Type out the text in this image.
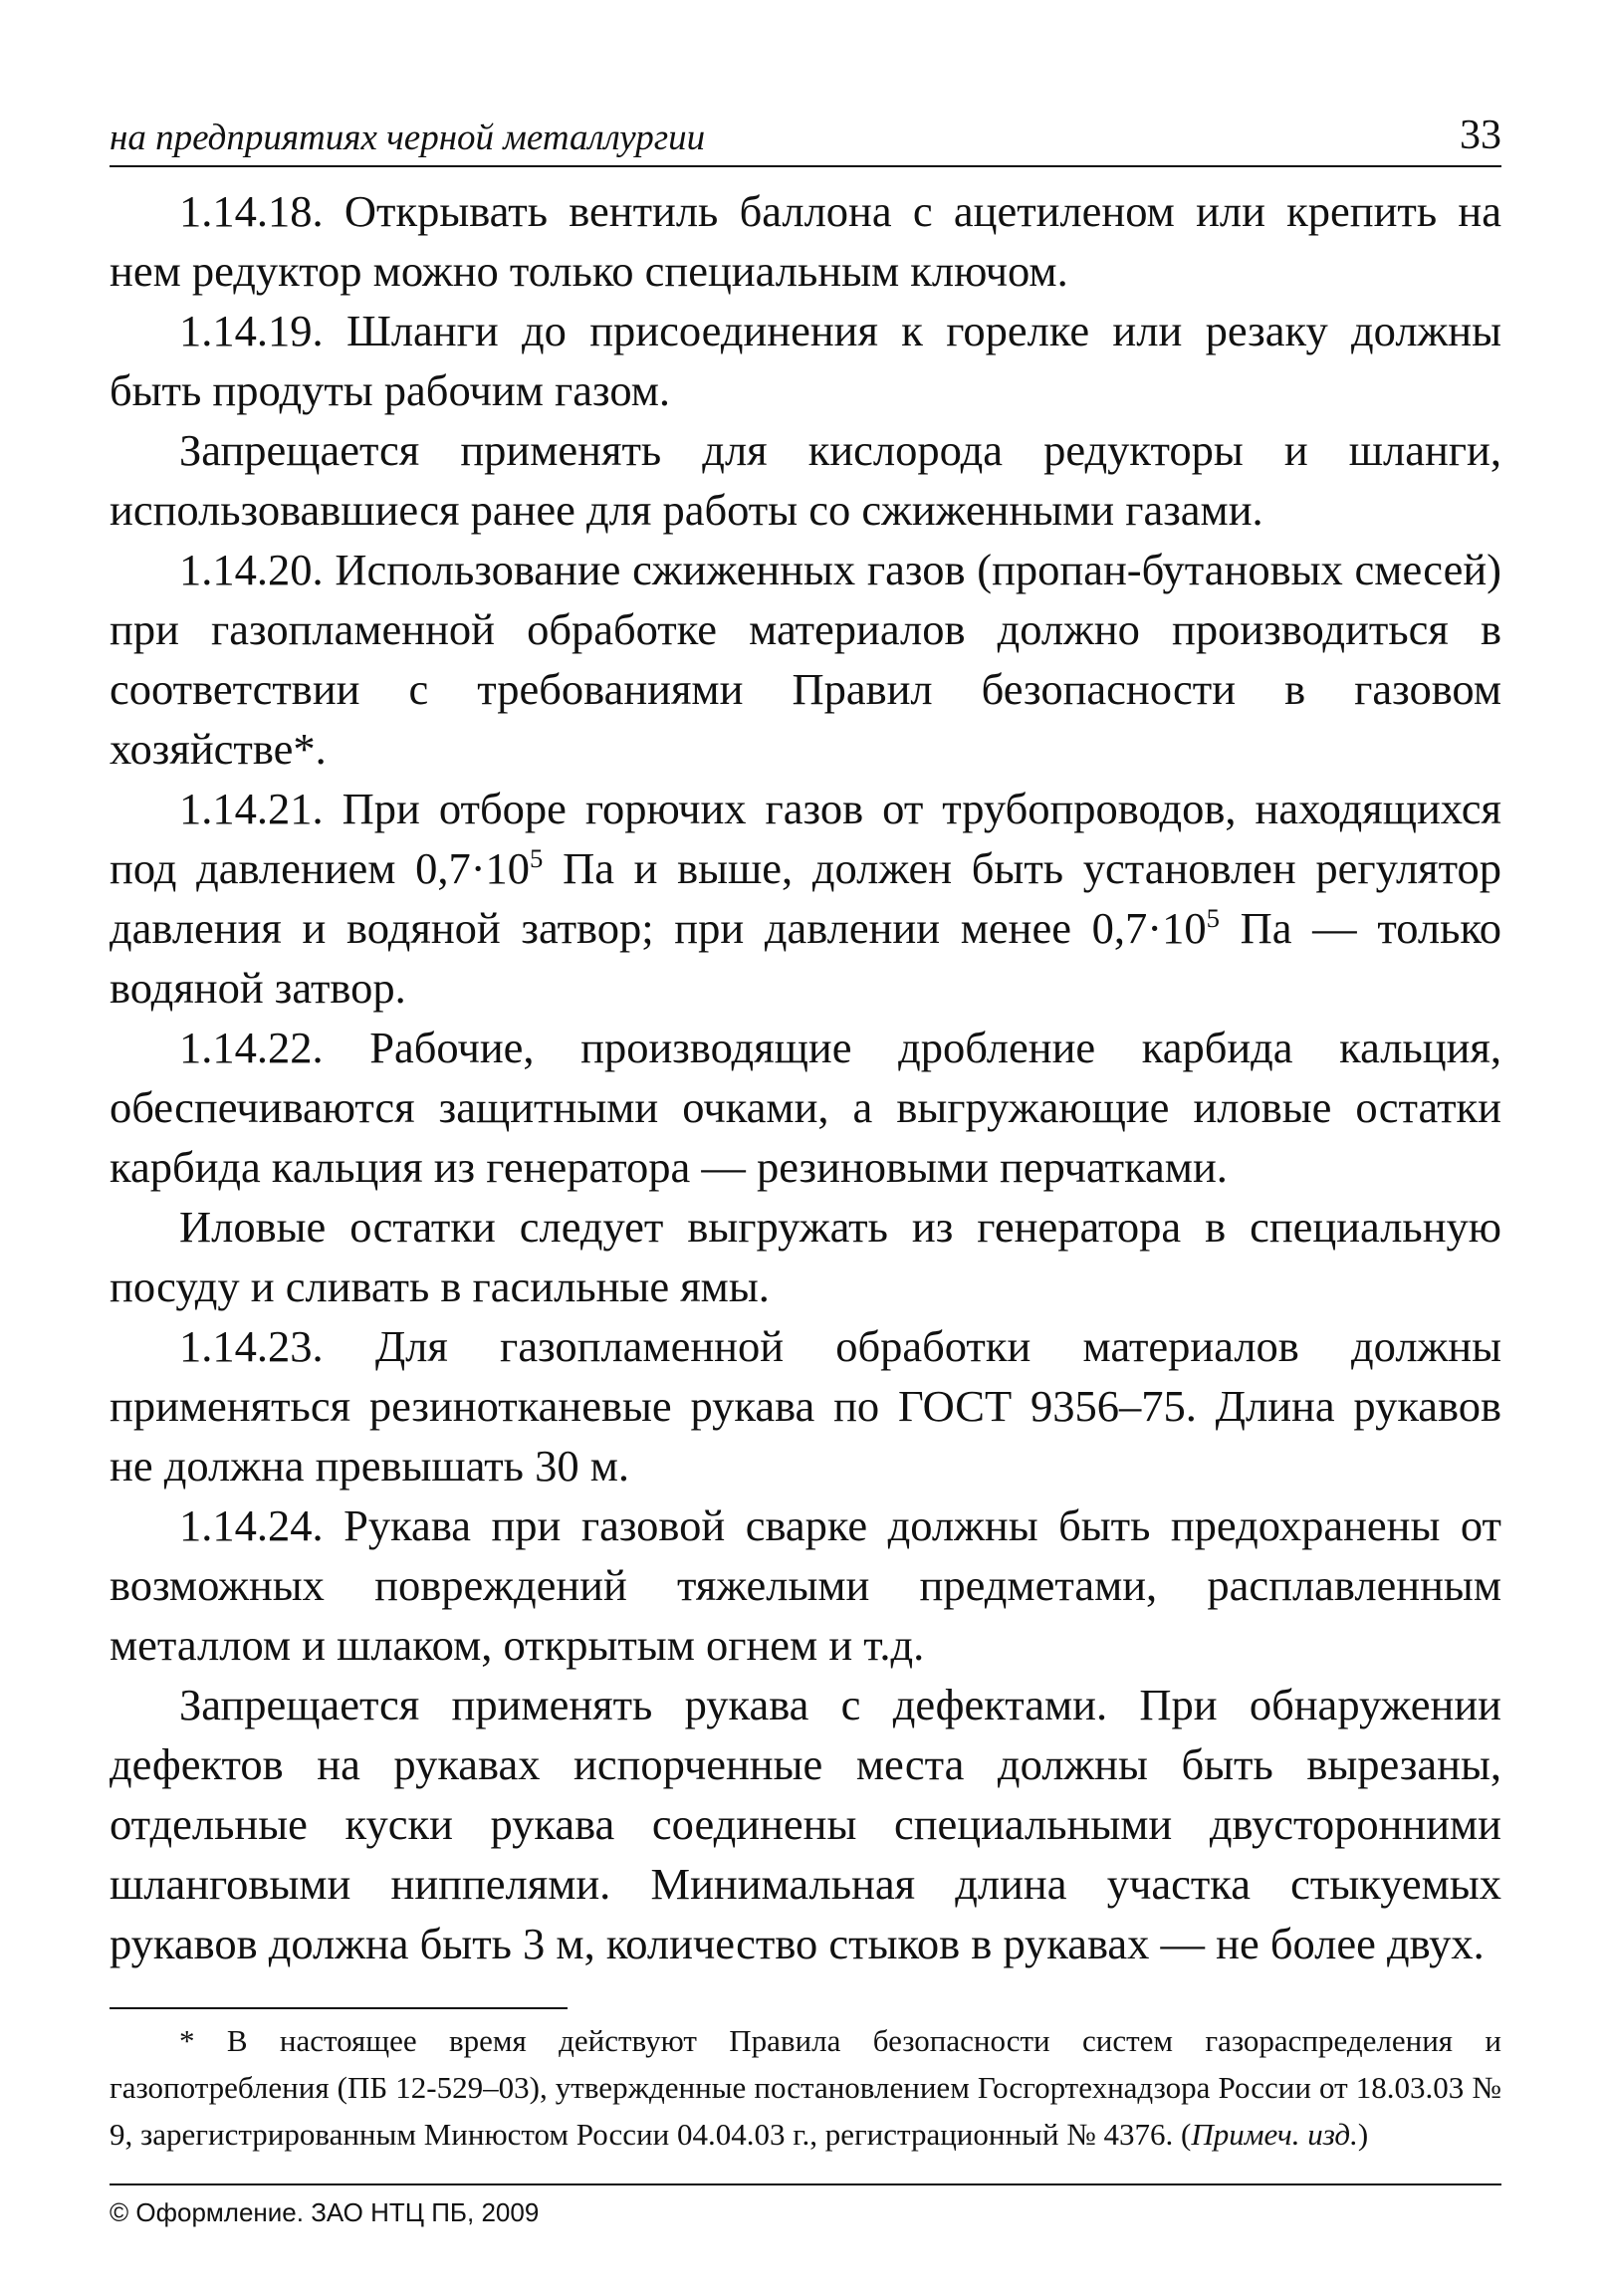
на предприятиях черной металлургии	33

1.14.18. Открывать вентиль баллона с ацетиленом или крепить на нем редуктор можно только специальным ключом.

1.14.19. Шланги до присоединения к горелке или резаку должны быть продуты рабочим газом.

Запрещается применять для кислорода редукторы и шланги, использовавшиеся ранее для работы со сжиженными газами.

1.14.20. Использование сжиженных газов (пропан-бутановых смесей) при газопламенной обработке материалов должно производиться в соответствии с требованиями Правил безопасности в газовом хозяйстве*.

1.14.21. При отборе горючих газов от трубопроводов, находящихся под давлением $0,7\cdot 10^5$ Па и выше, должен быть установлен регулятор давления и водяной затвор; при давлении менее $0,7\cdot 10^5$ Па — только водяной затвор.

1.14.22. Рабочие, производящие дробление карбида кальция, обеспечиваются защитными очками, а выгружающие иловые остатки карбида кальция из генератора — резиновыми перчатками.

Иловые остатки следует выгружать из генератора в специальную посуду и сливать в гасильные ямы.

1.14.23. Для газопламенной обработки материалов должны применяться резинотканевые рукава по ГОСТ 9356–75. Длина рукавов не должна превышать 30 м.

1.14.24. Рукава при газовой сварке должны быть предохранены от возможных повреждений тяжелыми предметами, расплавленным металлом и шлаком, открытым огнем и т.д.

Запрещается применять рукава с дефектами. При обнаружении дефектов на рукавах испорченные места должны быть вырезаны, отдельные куски рукава соединены специальными двусторонними шланговыми ниппелями. Минимальная длина участка стыкуемых рукавов должна быть 3 м, количество стыков в рукавах — не более двух.

* В настоящее время действуют Правила безопасности систем газораспределения и газопотребления (ПБ 12-529–03), утвержденные постановлением Госгортехнадзора России от 18.03.03 № 9, зарегистрированным Минюстом России 04.04.03 г., регистрационный № 4376. (Примеч. изд.)

© Оформление. ЗАО НТЦ ПБ, 2009
